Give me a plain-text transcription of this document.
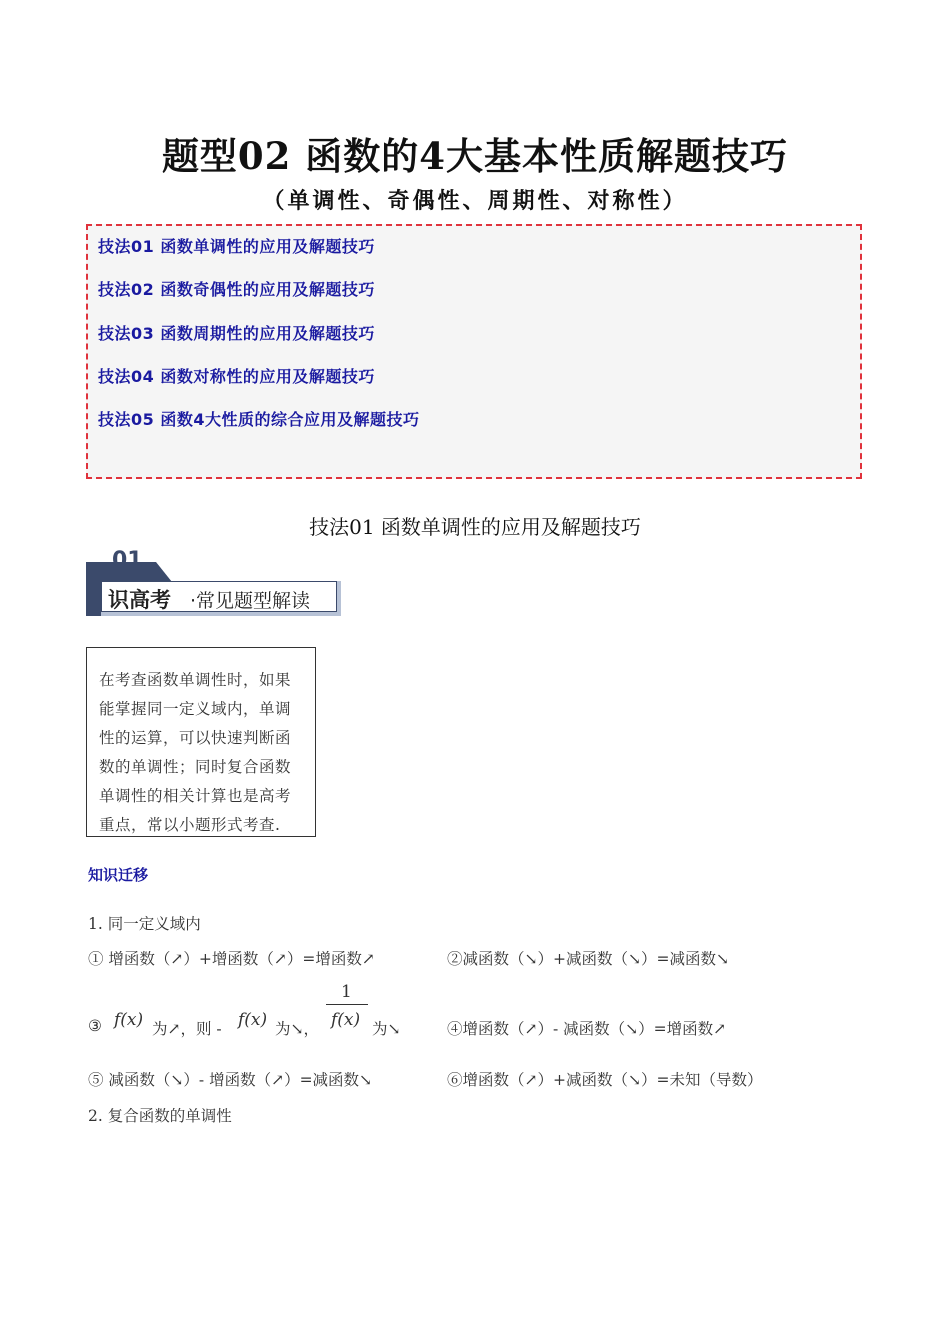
题型02 函数的4大基本性质解题技巧
（单调性、奇偶性、周期性、对称性）
技法01 函数单调性的应用及解题技巧
技法02 函数奇偶性的应用及解题技巧
技法03 函数周期性的应用及解题技巧
技法04 函数对称性的应用及解题技巧
技法05 函数4大性质的综合应用及解题技巧
技法01 函数单调性的应用及解题技巧
01
识高考 ·常见题型解读
在考查函数单调性时，如果
能掌握同一定义域内，单调
性的运算，可以快速判断函
数的单调性；同时复合函数
单调性的相关计算也是高考
重点，常以小题形式考查.
知识迁移
1. 同一定义域内
① 增函数（↗）+增函数（↗）=增函数↗	②减函数（↘）+减函数（↘）=减函数↘
③ f(x) 为↗，则 - f(x) 为↘，
1
f(x) 为↘	④增函数（↗）- 减函数（↘）=增函数↗
⑤ 减函数（↘）- 增函数（↗）=减函数↘	⑥增函数（↗）+减函数（↘）=未知（导数）
2. 复合函数的单调性
